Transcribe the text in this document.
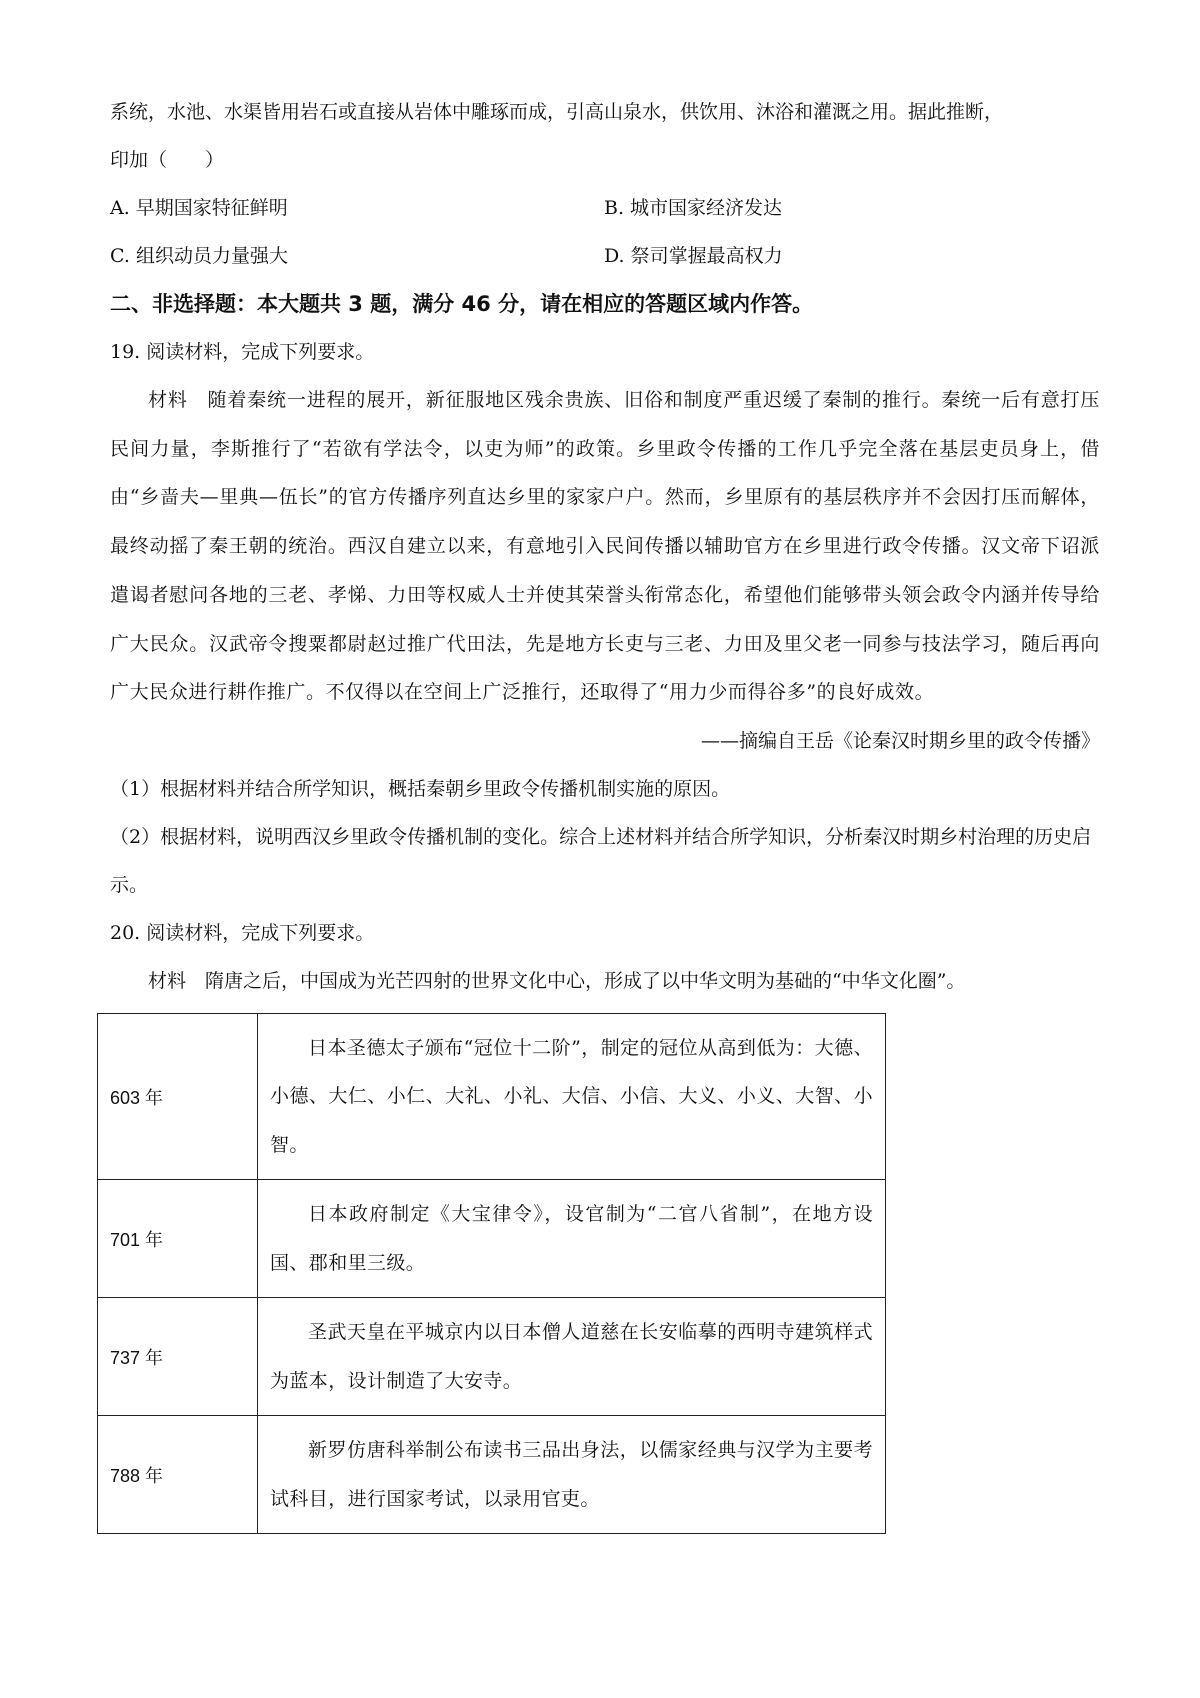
系统，水池、水渠皆用岩石或直接从岩体中雕琢而成，引高山泉水，供饮用、沐浴和灌溉之用。据此推断，

印加（　　）

A. 早期国家特征鲜明	B. 城市国家经济发达
C. 组织动员力量强大	D. 祭司掌握最高权力
二、非选择题：本大题共 3 题，满分 46 分，请在相应的答题区域内作答。

19. 阅读材料，完成下列要求。

材料　随着秦统一进程的展开，新征服地区残余贵族、旧俗和制度严重迟缓了秦制的推行。秦统一后有意打压民间力量，李斯推行了“若欲有学法令，以吏为师”的政策。乡里政令传播的工作几乎完全落在基层吏员身上，借由“乡啬夫—里典—伍长”的官方传播序列直达乡里的家家户户。然而，乡里原有的基层秩序并不会因打压而解体，最终动摇了秦王朝的统治。西汉自建立以来，有意地引入民间传播以辅助官方在乡里进行政令传播。汉文帝下诏派遣谒者慰问各地的三老、孝悌、力田等权威人士并使其荣誉头衔常态化，希望他们能够带头领会政令内涵并传导给广大民众。汉武帝令搜粟都尉赵过推广代田法，先是地方长吏与三老、力田及里父老一同参与技法学习，随后再向广大民众进行耕作推广。不仅得以在空间上广泛推行，还取得了“用力少而得谷多”的良好成效。

——摘编自王岳《论秦汉时期乡里的政令传播》

（1）根据材料并结合所学知识，概括秦朝乡里政令传播机制实施的原因。

（2）根据材料，说明西汉乡里政令传播机制的变化。综合上述材料并结合所学知识，分析秦汉时期乡村治理的历史启示。

20. 阅读材料，完成下列要求。

材料　隋唐之后，中国成为光芒四射的世界文化中心，形成了以中华文明为基础的“中华文化圈”。

603 年	日本圣德太子颁布“冠位十二阶”，制定的冠位从高到低为：大德、小德、大仁、小仁、大礼、小礼、大信、小信、大义、小义、大智、小智。
701 年	日本政府制定《大宝律令》，设官制为“二官八省制”，在地方设国、郡和里三级。
737 年	圣武天皇在平城京内以日本僧人道慈在长安临摹的西明寺建筑样式为蓝本，设计制造了大安寺。
788 年	新罗仿唐科举制公布读书三品出身法，以儒家经典与汉学为主要考试科目，进行国家考试，以录用官吏。
